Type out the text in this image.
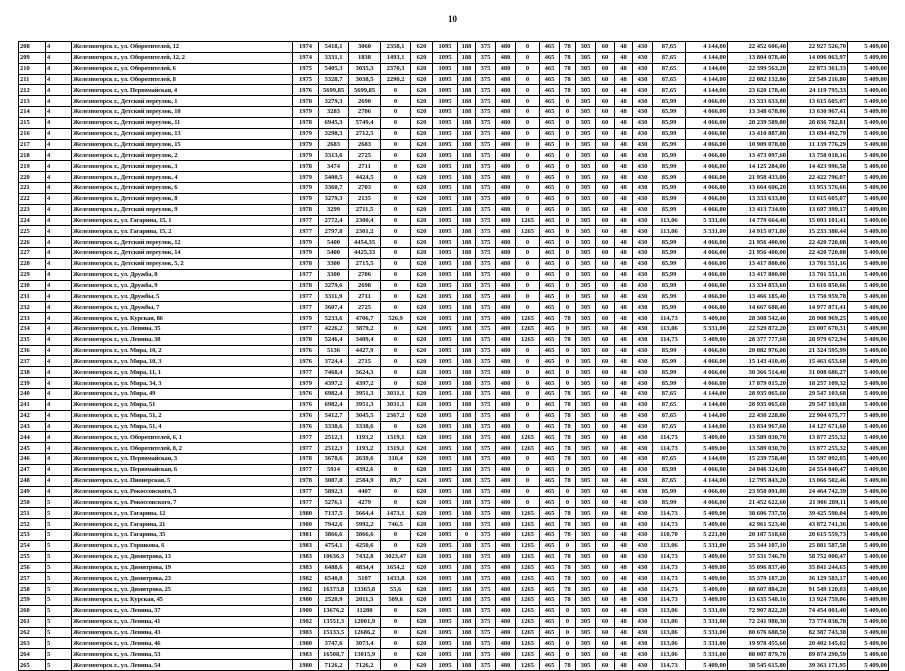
10
208	4	Железногорск г., ул. Оборотителей, 12	1974	5418,1	3060	2358,1	620	1095	188	375	480	0	465	78	305	60	48	430	87,65	4 144,00	22 452 606,40	22 927 526,70	5 409,00
209	4	Железногорск г., ул. Оборотителей, 12, 2	1974	3331,1	1838	1493,1	620	1095	188	375	480	0	465	78	305	60	48	430	87,65	4 144,00	13 804 078,40	14 096 063,97	5 409,00
210	4	Железногорск г., ул. Оборотителей, 6	1975	5405,3	3035,3	2370,3	620	1095	188	375	480	0	465	78	305	60	48	430	87,65	4 144,00	22 399 563,20	22 873 361,33	5 409,00
211	4	Железногорск г., ул. Оборотителей, 8	1975	5328,7	3038,5	2290,2	620	1095	188	375	480	0	465	78	305	60	48	430	87,65	4 144,00	22 082 132,80	22 549 216,80	5 409,00
212	4	Железногорск г., ул. Первомайская, 4	1976	5699,85	5699,85	0	620	1095	188	375	480	0	465	78	305	60	48	430	87,65	4 144,00	23 620 178,40	24 119 795,33	5 409,00
213	4	Железногорск г., Детский переулок, 1	1978	3279,3	2690	0	620	1095	188	375	480	0	465	0	305	60	48	430	85,99	4 066,00	13 333 633,80	13 615 605,07	5 409,00
214	4	Железногорск г., Детский переулок, 10	1979	3283	2706	0	620	1095	188	375	480	0	465	0	305	60	48	430	85,99	4 066,00	13 348 678,00	13 630 967,41	5 409,00
215	4	Железногорск г., Детский переулок, 11	1978	6945,3	5749,4	0	620	1095	188	375	480	0	465	0	305	60	48	430	85,99	4 066,00	28 239 589,80	28 836 782,81	5 409,00
216	4	Железногорск г., Детский переулок, 13	1979	3298,3	2712,5	0	620	1095	188	375	480	0	465	0	305	60	48	430	85,99	4 066,00	13 410 887,80	13 694 492,79	5 409,00
217	4	Железногорск г., Детский переулок, 15	1979	2683	2683	0	620	1095	188	375	480	0	465	0	305	60	48	430	85,99	4 066,00	10 909 078,00	11 139 776,29	5 409,00
218	4	Железногорск г., Детский переулок, 2	1979	3313,6	2725	0	620	1095	188	375	480	0	465	0	305	60	48	430	85,99	4 066,00	13 473 097,60	13 758 018,16	5 409,00
219	4	Железногорск г., Детский переулок, 3	1978	3474	2711	0	620	1095	188	375	480	0	465	0	305	60	48	430	85,99	4 066,00	14 125 284,00	14 423 996,58	5 409,00
220	4	Железногорск г., Детский переулок, 4	1979	5400,5	4424,5	0	620	1095	188	375	480	0	465	0	305	60	48	430	85,99	4 066,00	21 958 433,00	22 422 796,07	5 409,00
221	4	Железногорск г., Детский переулок, 6	1979	3360,7	2703	0	620	1095	188	375	480	0	465	0	305	60	48	430	85,99	4 066,00	13 664 606,20	13 953 576,66	5 409,00
222	4	Железногорск г., Детский переулок, 8	1979	3279,3	2135	0	620	1095	188	375	480	0	465	0	305	60	48	430	85,99	4 066,00	13 333 633,80	13 615 605,07	5 409,00
223	4	Железногорск г., Детский переулок, 9	1978	3299	2711,5	0	620	1095	188	375	480	0	465	0	305	60	48	430	85,99	4 066,00	13 413 734,00	13 697 399,17	5 409,00
224	4	Железногорск г., ул. Гагарина, 15, 1	1977	2772,4	2300,4	0	620	1095	188	375	480	1265	465	0	305	60	48	430	113,06	5 331,00	14 779 664,40	15 093 101,41	5 409,00
225	4	Железногорск г., ул. Гагарина, 15, 2	1977	2797,8	2301,2	0	620	1095	188	375	480	1265	465	0	305	60	48	430	113,06	5 331,00	14 915 071,80	15 233 380,44	5 409,00
226	4	Железногорск г., Детский переулок, 12	1979	5400	4454,35	0	620	1095	188	375	480	0	465	0	305	60	48	430	85,99	4 066,00	21 956 400,00	22 420 720,08	5 409,00
227	4	Железногорск г., Детский переулок, 14	1979	5400	4425,33	0	620	1095	188	375	480	0	465	0	305	60	48	430	85,99	4 066,00	21 956 400,00	22 420 720,08	5 409,00
228	4	Железногорск г., Детский переулок, 5, 2	1978	3300	2715,5	0	620	1095	188	375	480	0	465	0	305	60	48	430	85,99	4 066,00	13 417 800,00	13 701 551,16	5 409,00
229	4	Железногорск г., ул. Дружба, 8	1977	3300	2706	0	620	1095	188	375	480	0	465	0	305	60	48	430	85,99	4 066,00	13 417 800,00	13 701 551,16	5 409,00
230	4	Железногорск г., ул. Дружба, 9	1978	3279,6	2698	0	620	1095	188	375	480	0	465	0	305	60	48	430	85,99	4 066,00	13 334 853,60	13 616 850,66	5 409,00
231	4	Железногорск г., ул. Дружбы, 5	1977	3311,9	2711	0	620	1095	188	375	480	0	465	0	305	60	48	430	85,99	4 066,00	13 466 185,40	13 750 959,78	5 409,00
232	4	Железногорск г., ул. Дружбы, 7	1977	3607,4	2725	0	620	1095	188	375	480	0	465	0	305	60	48	430	85,99	4 066,00	14 667 688,40	14 977 871,41	5 409,00
233	4	Железногорск г., ул. Курская, 86	1979	5233,6	4706,7	526,9	620	1095	188	375	480	1265	465	78	305	60	48	430	114,73	5 409,00	28 308 542,40	28 908 969,25	5 409,00
234	4	Железногорск г., ул. Ленина, 35	1977	4226,2	3879,2	0	620	1095	188	375	480	1265	465	0	305	60	48	430	113,06	5 331,00	22 529 872,20	23 007 670,31	5 409,00
235	4	Железногорск г., ул. Ленина, 38	1978	5246,4	3409,4	0	620	1095	188	375	480	1265	465	78	305	60	48	430	114,73	5 409,00	28 377 777,60	28 979 672,94	5 409,00
236	4	Железногорск г., ул. Мира, 10, 2	1976	5136	4427,9	0	620	1095	188	375	480	0	465	0	305	60	48	430	85,99	4 066,00	20 882 976,00	21 324 595,99	5 409,00
237	4	Железногорск г., ул. Мира, 10, 3	1976	3724,4	2715	0	620	1095	188	375	480	0	465	0	305	60	48	430	85,99	4 066,00	15 143 410,40	15 463 653,68	5 409,00
238	4	Железногорск г., ул. Мира, 11, 1	1977	7468,4	5624,3	0	620	1095	188	375	480	0	465	0	305	60	48	430	85,99	4 066,00	30 366 514,40	31 008 686,27	5 409,00
239	4	Железногорск г., ул. Мира, 34, 3	1979	4397,2	4397,2	0	620	1095	188	375	480	0	465	0	305	60	48	430	85,99	4 066,00	17 879 015,20	18 257 109,32	5 409,00
240	4	Железногорск г., ул. Мира, 49	1976	6982,4	3951,3	3031,1	620	1095	188	375	480	0	465	78	305	60	48	430	87,65	4 144,00	28 935 065,60	29 547 103,68	5 409,00
241	4	Железногорск г., ул. Мира, 51	1976	6982,4	3951,3	3031,1	620	1095	188	375	480	0	465	78	305	60	48	430	87,65	4 144,00	28 935 065,60	29 547 103,68	5 409,00
242	4	Железногорск г., ул. Мира, 51, 2	1976	5412,7	3045,5	2367,2	620	1095	188	375	480	0	465	78	305	60	48	430	87,65	4 144,00	22 430 228,80	22 904 675,77	5 409,00
243	4	Железногорск г., ул. Мира, 51, 4	1976	3338,6	3338,6	0	620	1095	188	375	480	0	465	78	305	60	48	430	87,65	4 144,00	13 834 967,60	14 127 671,60	5 409,00
244	4	Железногорск г., ул. Оборотителей, 6, 1	1977	2512,3	1193,2	1319,1	620	1095	188	375	480	1265	465	78	305	60	48	430	114,73	5 409,00	13 589 030,70	13 877 255,32	5 409,00
245	4	Железногорск г., ул. Оборотителей, 8, 2	1977	2512,3	1193,2	1319,1	620	1095	188	375	480	1265	465	78	305	60	48	430	114,73	5 409,00	13 589 030,70	13 877 255,32	5 409,00
246	4	Железногорск г., ул. Первомайская, 3	1978	3678,6	2639,6	310,4	620	1095	188	375	480	0	465	78	305	60	48	430	87,65	4 144,00	15 239 758,40	15 597 092,05	5 409,00
247	4	Железногорск г., ул. Первомайская, 6	1977	5914	4392,6	0	620	1095	188	375	480	0	465	0	305	60	48	430	85,99	4 066,00	24 046 324,00	24 554 840,47	5 409,00
248	4	Железногорск г., ул. Пионерская, 5	1978	3087,8	2584,9	89,7	620	1095	188	375	480	0	465	78	305	60	48	430	87,65	4 144,00	12 795 843,20	13 066 502,46	5 409,00
249	4	Железногорск г., ул. Рокоссовского, 5	1977	5892,3	4407	0	620	1095	188	375	480	0	465	0	305	60	48	430	85,99	4 066,00	23 958 091,80	24 464 742,39	5 409,00
250	5	Железногорск г., ул. Рокоссовского, 7	1977	5276,1	4279	0	620	1095	188	375	480	0	465	0	305	60	48	430	85,99	4 066,00	21 452 622,60	21 906 289,11	5 409,00
251	5	Железногорск г., ул. Гагарина, 12	1980	7137,5	5664,4	1473,1	620	1095	188	375	480	1265	465	78	305	60	48	430	114,73	5 409,00	38 606 737,50	39 425 590,04	5 409,00
252	5	Железногорск г., ул. Гагарина, 21	1980	7942,6	5992,2	746,5	620	1095	188	375	480	1265	465	78	305	60	48	430	114,73	5 409,00	42 961 523,40	43 872 741,36	5 409,00
253	5	Железногорск г., ул. Гагарина, 35	1981	3866,6	3866,6	0	620	1095	0	375	480	1265	465	78	305	60	48	430	110,70	5 221,00	20 187 518,60	20 615 559,73	5 409,00
254	5	Железногорск г., ул. Горшкова, 6	1983	4754,1	4250,6	0	620	1095	188	375	480	1265	465	0	305	60	48	430	113,06	5 331,00	25 344 107,10	25 881 587,58	5 409,00
255	5	Железногорск г., ул. Димитрова, 13	1983	10636,3	7432,8	3023,47	620	1095	188	375	480	1265	465	78	305	60	48	430	114,73	5 409,00	57 531 746,70	58 752 000,47	5 409,00
256	5	Железногорск г., ул. Димитрова, 19	1983	6488,6	4834,4	1654,2	620	1095	188	375	480	1265	465	78	305	60	48	430	114,73	5 409,00	35 096 837,40	35 841 244,65	5 409,00
257	5	Железногорск г., ул. Димитрова, 23	1982	6540,8	5107	1433,8	620	1095	188	375	480	1265	465	78	305	60	48	430	114,73	5 409,00	35 379 187,20	36 129 583,17	5 409,00
258	5	Железногорск г., ул. Димитрова, 25	1982	16373,8	13365,8	55,6	620	1095	188	375	480	1265	465	78	305	60	48	430	114,73	5 409,00	88 607 884,20	91 549 120,03	5 409,00
259	5	Железногорск г., ул. Курская, 45	1980	2520,9	2011,3	509,6	620	1095	188	375	480	1265	465	78	305	60	48	430	114,73	5 409,00	13 635 548,10	13 924 759,06	5 409,00
260	5	Железногорск г., ул. Ленина, 37	1980	13676,2	11280	0	620	1095	188	375	480	1265	465	0	305	60	48	430	113,06	5 331,00	72 907 822,20	74 454 001,40	5 409,00
261	5	Железногорск г., ул. Ленина, 41	1982	13551,3	12001,9	0	620	1095	188	375	480	1265	465	0	305	60	48	430	113,06	5 331,00	72 241 980,30	73 774 038,78	5 409,00
262	5	Железногорск г., ул. Ленина, 43	1983	15133,5	12686,2	0	620	1095	188	375	480	1265	465	0	305	60	48	430	113,06	5 331,00	80 676 688,50	82 387 743,38	5 409,00
263	5	Железногорск г., ул. Ленина, 46	1980	3747,6	3073,4	0	620	1095	188	375	480	1265	465	0	305	60	48	430	113,06	5 331,00	19 978 455,60	20 402 145,02	5 409,00
264	5	Железногорск г., ул. Ленина, 53	1983	16508,7	13015,9	0	620	1095	188	375	480	1265	465	0	305	60	48	430	113,06	5 331,00	88 007 879,70	89 874 290,59	5 409,00
265	5	Железногорск г., ул. Ленина, 54	1980	7126,2	7126,2	0	620	1095	188	375	480	1265	465	78	305	60	48	430	114,73	5 409,00	38 545 615,80	39 363 171,95	5 409,00
